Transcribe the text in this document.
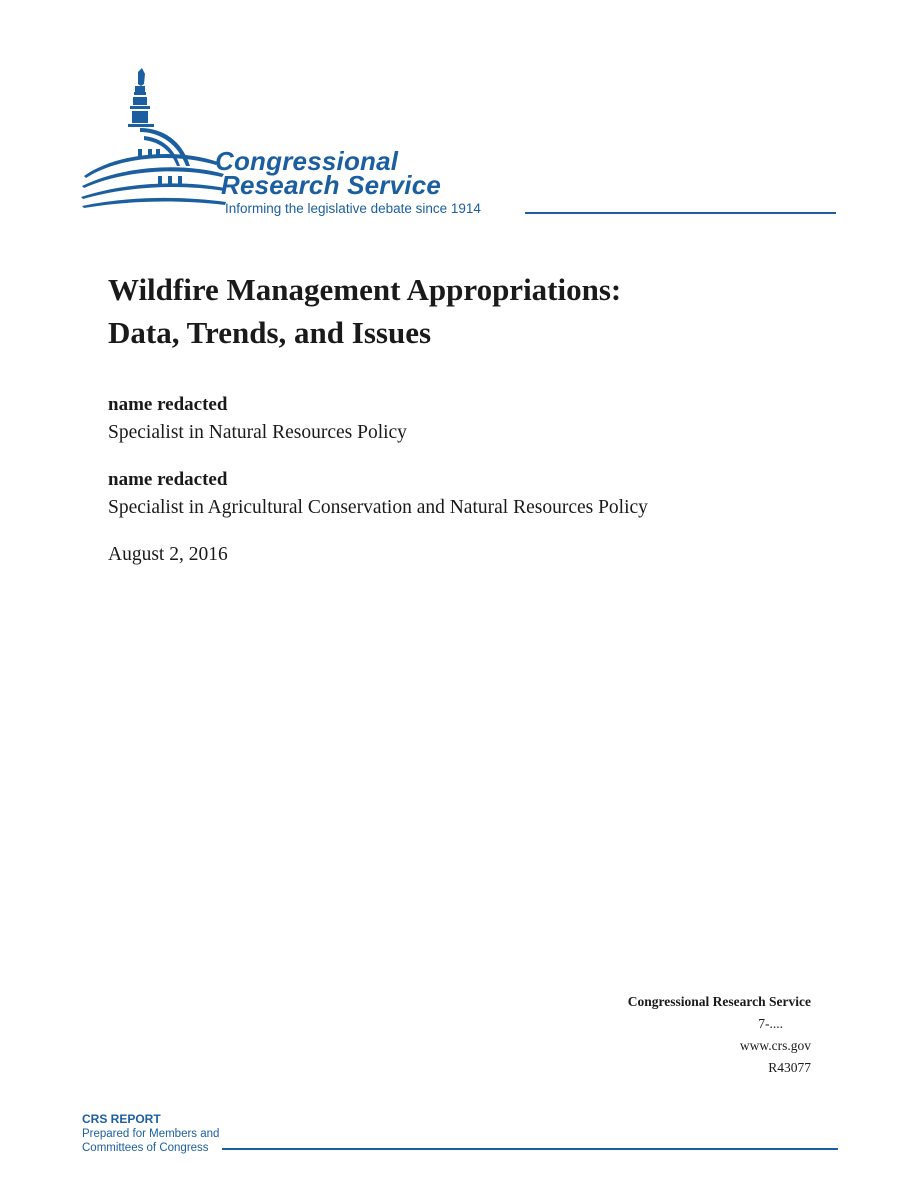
Congressional
Research Service
Informing the legislative debate since 1914
Wildfire Management Appropriations:
Data, Trends, and Issues
name redacted
Specialist in Natural Resources Policy
name redacted
Specialist in Agricultural Conservation and Natural Resources Policy
August 2, 2016
Congressional Research Service
7-....
www.crs.gov
R43077
CRS REPORT
Prepared for Members and
Committees of Congress
